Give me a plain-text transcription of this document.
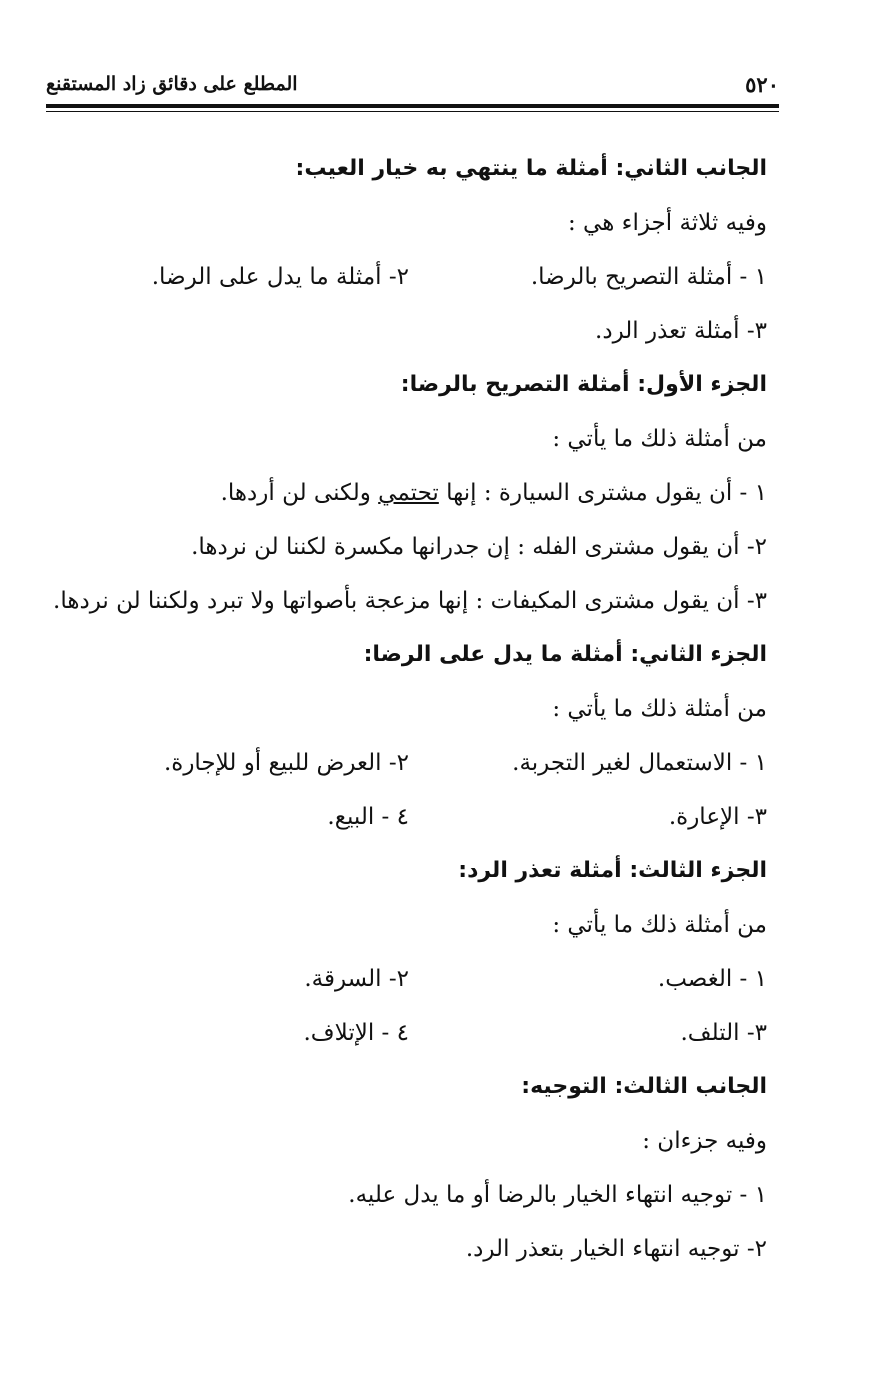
٥٢٠
المطلع على دقائق زاد المستقنع
الجانب الثاني: أمثلة ما ينتهي به خيار العيب:
وفيه ثلاثة أجزاء هي :
١ - أمثلة التصريح بالرضا.
٢- أمثلة ما يدل على الرضا.
٣- أمثلة تعذر الرد.
الجزء الأول: أمثلة التصريح بالرضا:
من أمثلة ذلك ما يأتي :
١ - أن يقول مشترى السيارة : إنها تحتمي ولكنى لن أردها.
٢- أن يقول مشترى الفله : إن جدرانها مكسرة لكننا لن نردها.
٣- أن يقول مشترى المكيفات : إنها مزعجة بأصواتها ولا تبرد ولكننا لن نردها.
الجزء الثاني: أمثلة ما يدل على الرضا:
من أمثلة ذلك ما يأتي :
١ - الاستعمال لغير التجربة.
٢- العرض للبيع أو للإجارة.
٣- الإعارة.
٤ - البيع.
الجزء الثالث: أمثلة تعذر الرد:
من أمثلة ذلك ما يأتي :
١ - الغصب.
٢- السرقة.
٣- التلف.
٤ - الإتلاف.
الجانب الثالث: التوجيه:
وفيه جزءان :
١ - توجيه انتهاء الخيار بالرضا أو ما يدل عليه.
٢- توجيه انتهاء الخيار بتعذر الرد.
